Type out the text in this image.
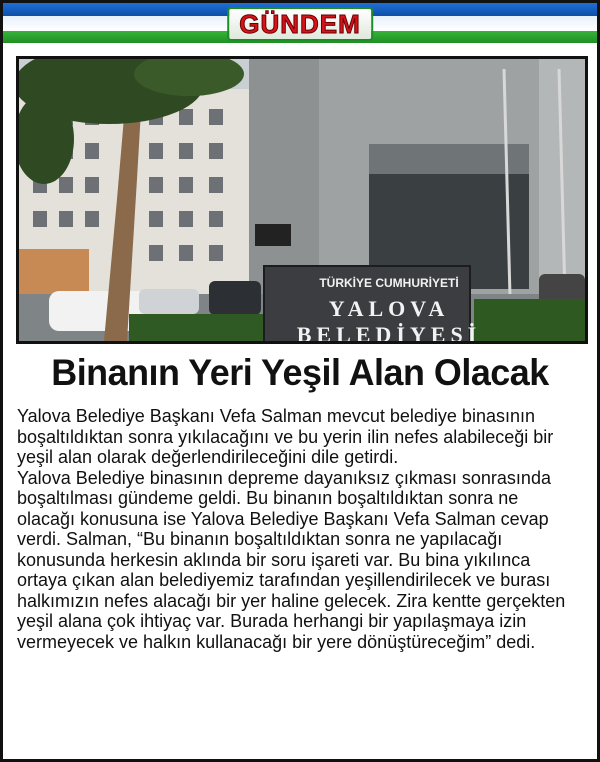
GÜNDEM
TÜRKİYE CUMHURİYETİ
YALOVA
BELEDİYESİ
Binanın Yeri Yeşil Alan Olacak

Yalova Belediye Başkanı Vefa Salman mevcut belediye binasının boşaltıldıktan sonra yıkılacağını ve bu yerin ilin nefes alabileceği bir yeşil alan olarak değerlendirileceğini dile getirdi.

Yalova Belediye binasının depreme dayanıksız çıkması sonrasında boşaltılması gündeme geldi. Bu binanın boşaltıldıktan sonra ne olacağı konusuna ise Yalova Belediye Başkanı Vefa Salman cevap verdi. Salman, “Bu binanın boşaltıldıktan sonra ne yapılacağı konusunda herkesin aklında bir soru işareti var. Bu bina yıkılınca ortaya çıkan alan belediyemiz tarafından yeşillendirilecek ve burası halkımızın nefes alacağı bir yer haline gelecek. Zira kentte gerçekten yeşil alana çok ihtiyaç var. Burada herhangi bir yapılaşmaya izin vermeyecek ve halkın kullanacağı bir yere dönüştüreceğim” dedi.
